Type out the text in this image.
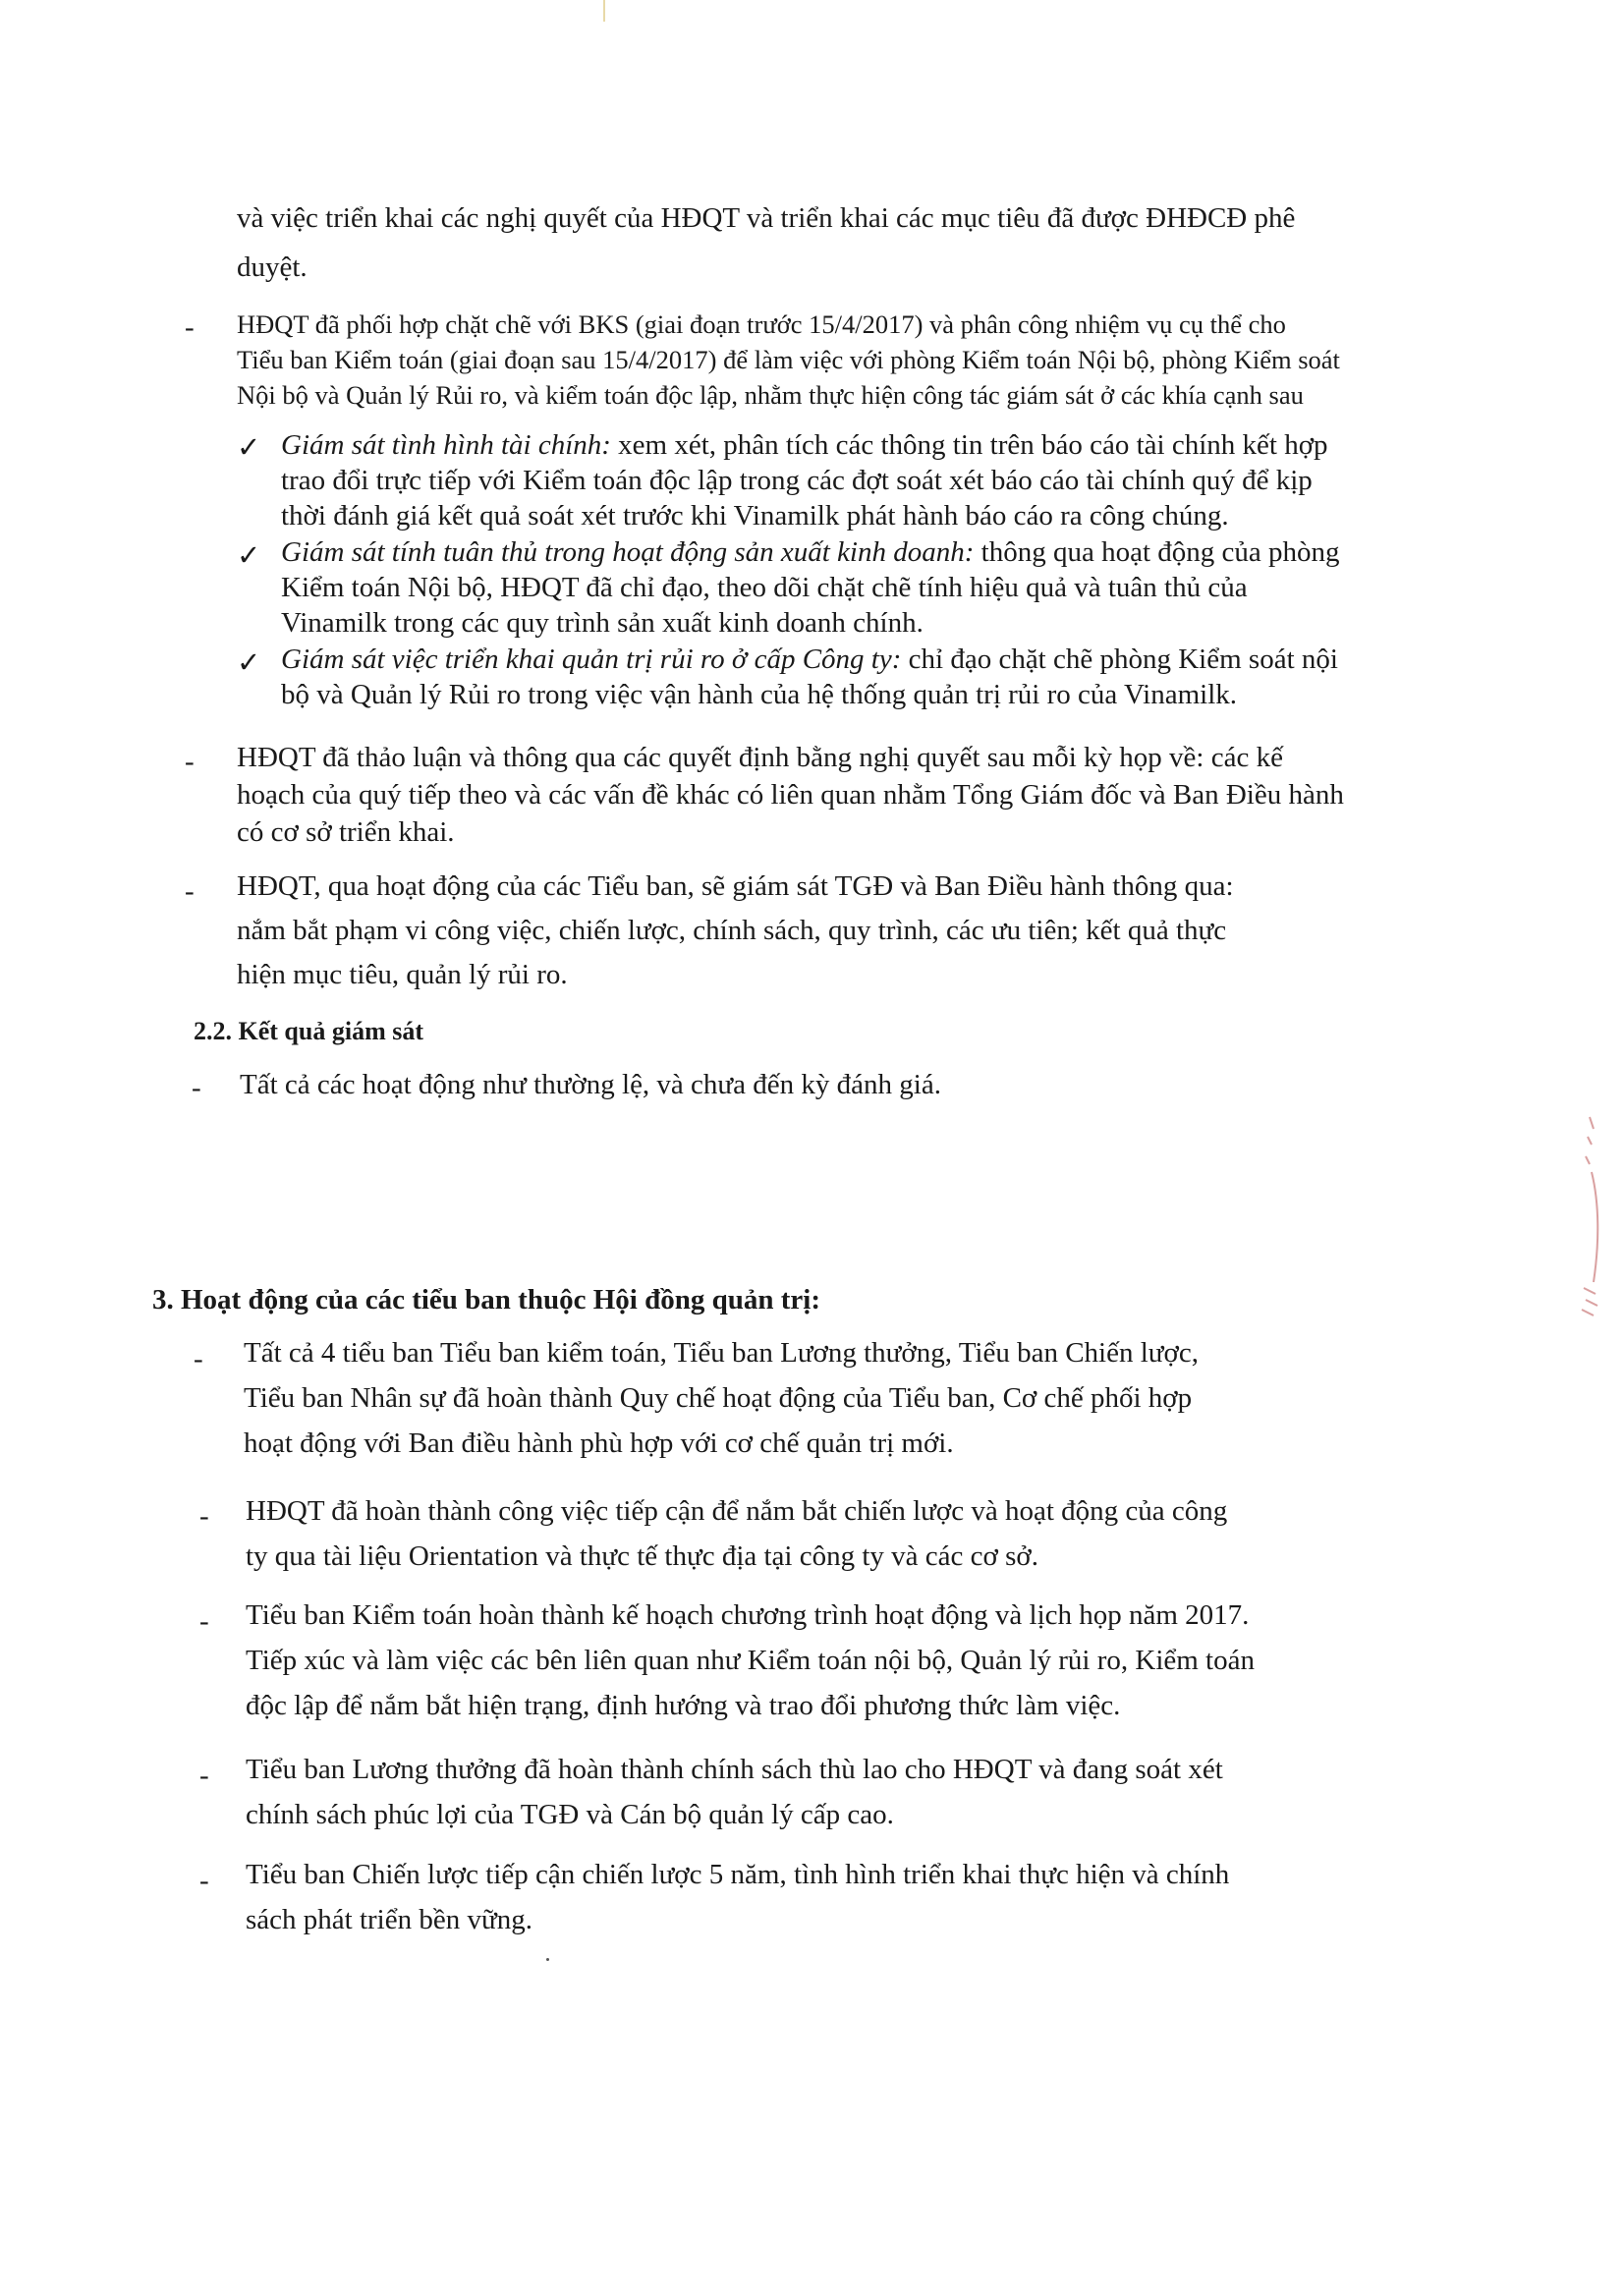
và việc triển khai các nghị quyết của HĐQT và triển khai các mục tiêu đã được ĐHĐCĐ phê
duyệt.
- HĐQT đã phối hợp chặt chẽ với BKS (giai đoạn trước 15/4/2017) và phân công nhiệm vụ cụ thể cho
Tiểu ban Kiểm toán (giai đoạn sau 15/4/2017) để làm việc với phòng Kiểm toán Nội bộ, phòng Kiểm soát
Nội bộ và Quản lý Rủi ro, và kiểm toán độc lập, nhằm thực hiện công tác giám sát ở các khía cạnh sau
✓ Giám sát tình hình tài chính: xem xét, phân tích các thông tin trên báo cáo tài chính kết hợp
trao đổi trực tiếp với Kiểm toán độc lập trong các đợt soát xét báo cáo tài chính quý để kịp
thời đánh giá kết quả soát xét trước khi Vinamilk phát hành báo cáo ra công chúng.
✓ Giám sát tính tuân thủ trong hoạt động sản xuất kinh doanh: thông qua hoạt động của phòng
Kiểm toán Nội bộ, HĐQT đã chỉ đạo, theo dõi chặt chẽ tính hiệu quả và tuân thủ của
Vinamilk trong các quy trình sản xuất kinh doanh chính.
✓ Giám sát việc triển khai quản trị rủi ro ở cấp Công ty: chỉ đạo chặt chẽ phòng Kiểm soát nội
bộ và Quản lý Rủi ro trong việc vận hành của hệ thống quản trị rủi ro của Vinamilk.
- HĐQT đã thảo luận và thông qua các quyết định bằng nghị quyết sau mỗi kỳ họp về: các kế
hoạch của quý tiếp theo và các vấn đề khác có liên quan nhằm Tổng Giám đốc và Ban Điều hành
có cơ sở triển khai.
- HĐQT, qua hoạt động của các Tiểu ban, sẽ giám sát TGĐ và Ban Điều hành thông qua:
nắm bắt phạm vi công việc, chiến lược, chính sách, quy trình, các ưu tiên; kết quả thực
hiện mục tiêu, quản lý rủi ro.
2.2. Kết quả giám sát
- Tất cả các hoạt động như thường lệ, và chưa đến kỳ đánh giá.
3. Hoạt động của các tiểu ban thuộc Hội đồng quản trị:
- Tất cả 4 tiểu ban Tiểu ban kiểm toán, Tiểu ban Lương thưởng, Tiểu ban Chiến lược,
Tiểu ban Nhân sự đã hoàn thành Quy chế hoạt động của Tiểu ban, Cơ chế phối hợp
hoạt động với Ban điều hành phù hợp với cơ chế quản trị mới.
- HĐQT đã hoàn thành công việc tiếp cận để nắm bắt chiến lược và hoạt động của công
ty qua tài liệu Orientation và thực tế thực địa tại công ty và các cơ sở.
- Tiểu ban Kiểm toán hoàn thành kế hoạch chương trình hoạt động và lịch họp năm 2017.
Tiếp xúc và làm việc các bên liên quan như Kiểm toán nội bộ, Quản lý rủi ro, Kiểm toán
độc lập để nắm bắt hiện trạng, định hướng và trao đổi phương thức làm việc.
- Tiểu ban Lương thưởng đã hoàn thành chính sách thù lao cho HĐQT và đang soát xét
chính sách phúc lợi của TGĐ và Cán bộ quản lý cấp cao.
- Tiểu ban Chiến lược tiếp cận chiến lược 5 năm, tình hình triển khai thực hiện và chính
sách phát triển bền vững.
